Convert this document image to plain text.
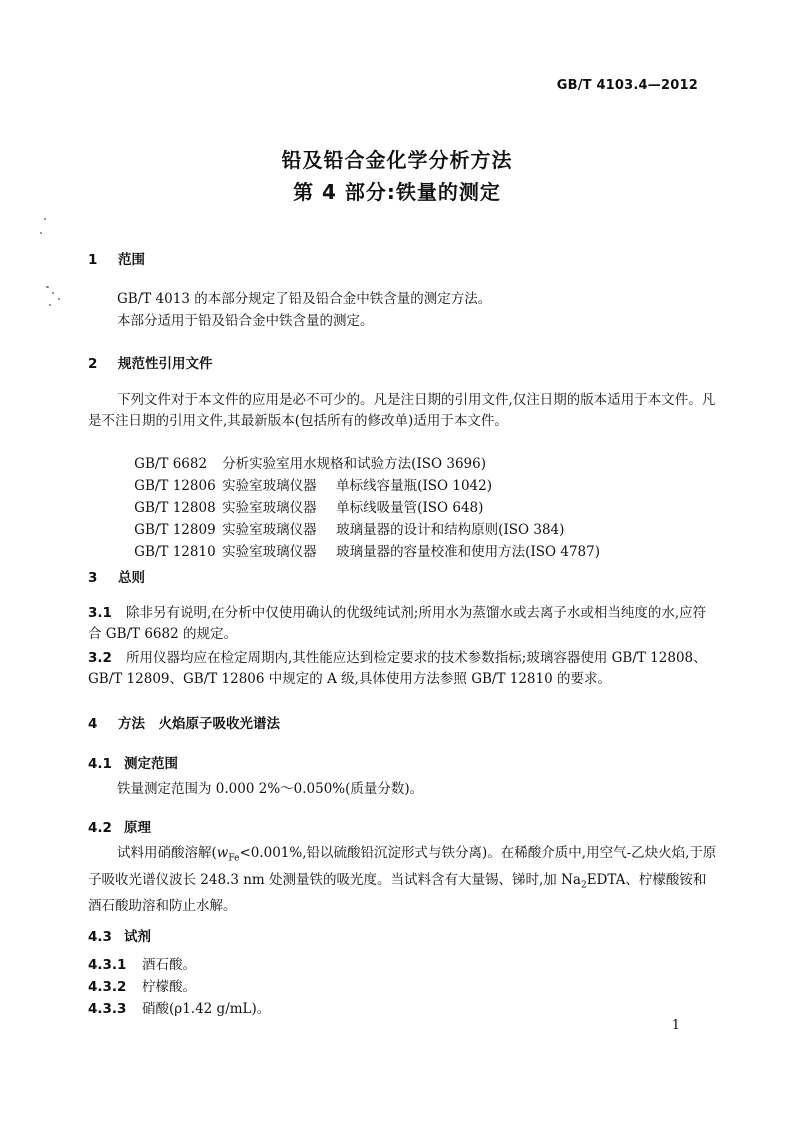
GB/T 4103.4—2012
铅及铅合金化学分析方法
第 4 部分:铁量的测定
1 范围
GB/T 4013 的本部分规定了铅及铅合金中铁含量的测定方法。
本部分适用于铅及铅合金中铁含量的测定。
2 规范性引用文件
下列文件对于本文件的应用是必不可少的。凡是注日期的引用文件,仅注日期的版本适用于本文件。凡是不注日期的引用文件,其最新版本(包括所有的修改单)适用于本文件。

GB/T 6682 分析实验室用水规格和试验方法(ISO 3696)

GB/T 12806 实验室玻璃仪器 单标线容量瓶(ISO 1042)

GB/T 12808 实验室玻璃仪器 单标线吸量管(ISO 648)

GB/T 12809 实验室玻璃仪器 玻璃量器的设计和结构原则(ISO 384)

GB/T 12810 实验室玻璃仪器 玻璃量器的容量校准和使用方法(ISO 4787)

3 总则
3.1 除非另有说明,在分析中仅使用确认的优级纯试剂;所用水为蒸馏水或去离子水或相当纯度的水,应符合 GB/T 6682 的规定。
3.2 所用仪器均应在检定周期内,其性能应达到检定要求的技术参数指标;玻璃容器使用 GB/T 12808、GB/T 12809、GB/T 12806 中规定的 A 级,具体使用方法参照 GB/T 12810 的要求。
4 方法　火焰原子吸收光谱法
4.1 测定范围
铁量测定范围为 0.000 2%～0.050%(质量分数)。
4.2 原理
试料用硝酸溶解($w_{Fe}<0.001\%$,铅以硫酸铅沉淀形式与铁分离)。在稀酸介质中,用空气-乙炔火焰,于原子吸收光谱仪波长 248.3 nm 处测量铁的吸光度。当试料含有大量锡、锑时,加 $Na_2EDTA$、柠檬酸铵和酒石酸助溶和防止水解。
4.3 试剂
4.3.1 酒石酸。
4.3.2 柠檬酸。
4.3.3 硝酸(ρ1.42 g/mL)。
1
